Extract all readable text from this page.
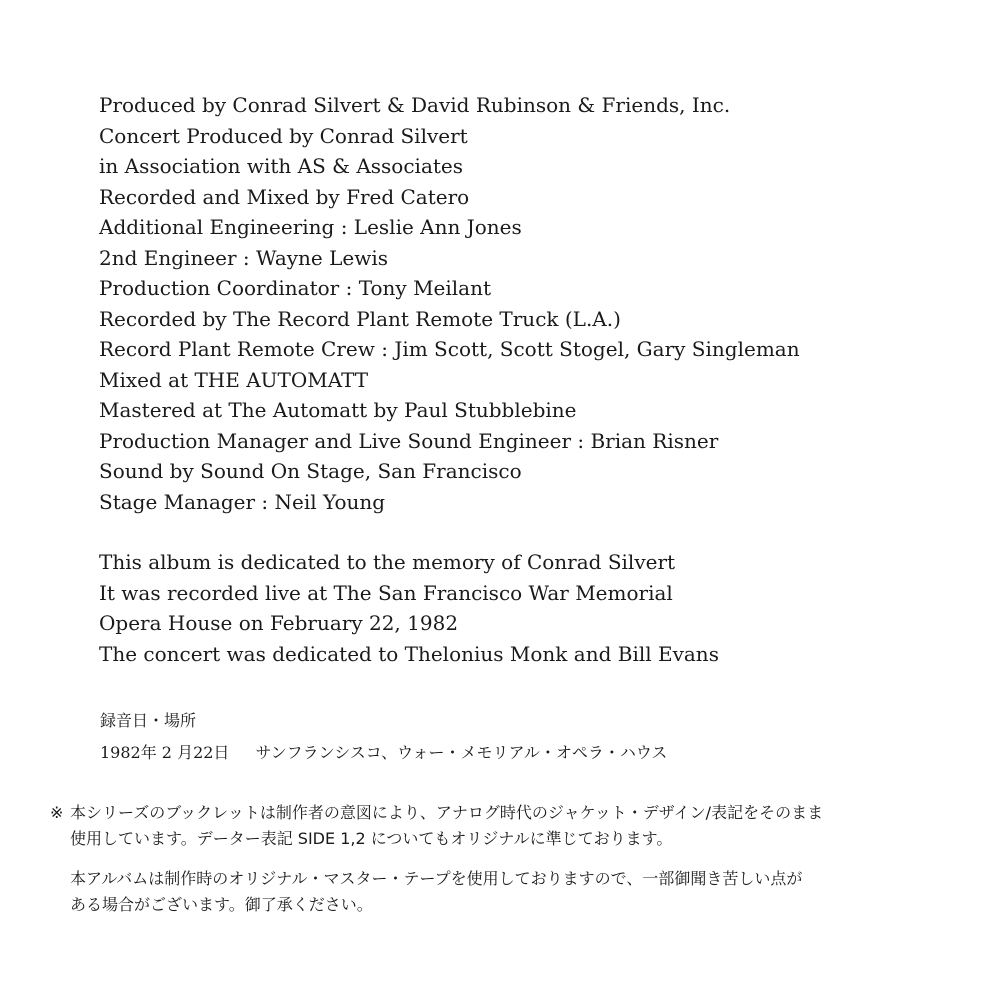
Produced by Conrad Silvert & David Rubinson & Friends, Inc.
Concert Produced by Conrad Silvert
in Association with AS & Associates
Recorded and Mixed by Fred Catero
Additional Engineering : Leslie Ann Jones
2nd Engineer : Wayne Lewis
Production Coordinator : Tony Meilant
Recorded by The Record Plant Remote Truck (L.A.)
Record Plant Remote Crew : Jim Scott, Scott Stogel, Gary Singleman
Mixed at THE AUTOMATT
Mastered at The Automatt by Paul Stubblebine
Production Manager and Live Sound Engineer : Brian Risner
Sound by Sound On Stage, San Francisco
Stage Manager : Neil Young
This album is dedicated to the memory of Conrad Silvert
It was recorded live at The San Francisco War Memorial
Opera House on February 22, 1982
The concert was dedicated to Thelonius Monk and Bill Evans
録音日・場所
1982年 2 月22日 サンフランシスコ、ウォー・メモリアル・オペラ・ハウス
※ 本シリーズのブックレットは制作者の意図により、アナログ時代のジャケット・デザイン/表記をそのまま
使用しています。データー表記 SIDE 1,2 についてもオリジナルに準じております。
本アルバムは制作時のオリジナル・マスター・テープを使用しておりますので、一部御聞き苦しい点が
ある場合がございます。御了承ください。
